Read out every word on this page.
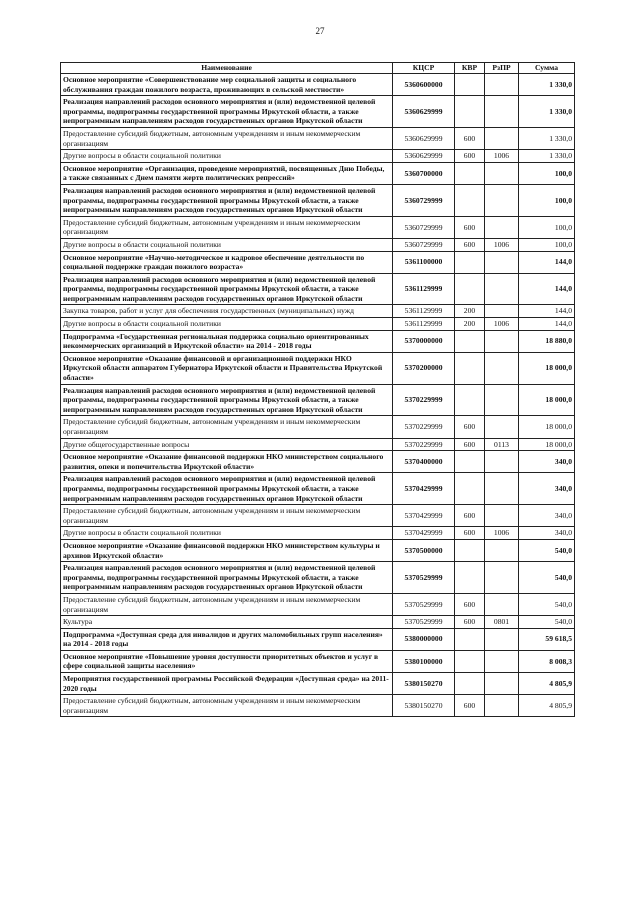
27
Наименование	КЦСР	КВР	РзПР	Сумма
Основное мероприятие «Совершенствование мер социальной защиты и социального обслуживания граждан пожилого возраста, проживающих в сельской местности»	5360600000			1 330,0
Реализация направлений расходов основного мероприятия и (или) ведомственной целевой программы, подпрограммы государственной программы Иркутской области, а также непрограммным направлениям расходов государственных органов Иркутской области	5360629999			1 330,0
Предоставление субсидий бюджетным, автономным учреждениям и иным некоммерческим организациям	5360629999	600		1 330,0
Другие вопросы в области социальной политики	5360629999	600	1006	1 330,0
Основное мероприятие «Организация, проведение мероприятий, посвященных Дню Победы, а также связанных с Днем памяти жертв политических репрессий»	5360700000			100,0
Реализация направлений расходов основного мероприятия и (или) ведомственной целевой программы, подпрограммы государственной программы Иркутской области, а также непрограммным направлениям расходов государственных органов Иркутской области	5360729999			100,0
Предоставление субсидий бюджетным, автономным учреждениям и иным некоммерческим организациям	5360729999	600		100,0
Другие вопросы в области социальной политики	5360729999	600	1006	100,0
Основное мероприятие «Научно-методическое и кадровое обеспечение деятельности по социальной поддержке граждан пожилого возраста»	5361100000			144,0
Реализация направлений расходов основного мероприятия и (или) ведомственной целевой программы, подпрограммы государственной программы Иркутской области, а также непрограммным направлениям расходов государственных органов Иркутской области	5361129999			144,0
Закупка товаров, работ и услуг для обеспечения государственных (муниципальных) нужд	5361129999	200		144,0
Другие вопросы в области социальной политики	5361129999	200	1006	144,0
Подпрограмма «Государственная региональная поддержка социально ориентированных некоммерческих организаций в Иркутской области» на 2014 - 2018 годы	5370000000			18 880,0
Основное мероприятие «Оказание финансовой и организационной поддержки НКО Иркутской области аппаратом Губернатора Иркутской области и Правительства Иркутской области»	5370200000			18 000,0
Реализация направлений расходов основного мероприятия и (или) ведомственной целевой программы, подпрограммы государственной программы Иркутской области, а также непрограммным направлениям расходов государственных органов Иркутской области	5370229999			18 000,0
Предоставление субсидий бюджетным, автономным учреждениям и иным некоммерческим организациям	5370229999	600		18 000,0
Другие общегосударственные вопросы	5370229999	600	0113	18 000,0
Основное мероприятие «Оказание финансовой поддержки НКО министерством социального развития, опеки и попечительства Иркутской области»	5370400000			340,0
Реализация направлений расходов основного мероприятия и (или) ведомственной целевой программы, подпрограммы государственной программы Иркутской области, а также непрограммным направлениям расходов государственных органов Иркутской области	5370429999			340,0
Предоставление субсидий бюджетным, автономным учреждениям и иным некоммерческим организациям	5370429999	600		340,0
Другие вопросы в области социальной политики	5370429999	600	1006	340,0
Основное мероприятие «Оказание финансовой поддержки НКО министерством культуры и архивов Иркутской области»	5370500000			540,0
Реализация направлений расходов основного мероприятия и (или) ведомственной целевой программы, подпрограммы государственной программы Иркутской области, а также непрограммным направлениям расходов государственных органов Иркутской области	5370529999			540,0
Предоставление субсидий бюджетным, автономным учреждениям и иным некоммерческим организациям	5370529999	600		540,0
Культура	5370529999	600	0801	540,0
Подпрограмма «Доступная среда для инвалидов и других маломобильных групп населения» на 2014 - 2018 годы	5380000000			59 618,5
Основное мероприятие «Повышение уровня доступности приоритетных объектов и услуг в сфере социальной защиты населения»	5380100000			8 008,3
Мероприятия государственной программы Российской Федерации «Доступная среда» на 2011-2020 годы	5380150270			4 805,9
Предоставление субсидий бюджетным, автономным учреждениям и иным некоммерческим организациям	5380150270	600		4 805,9
